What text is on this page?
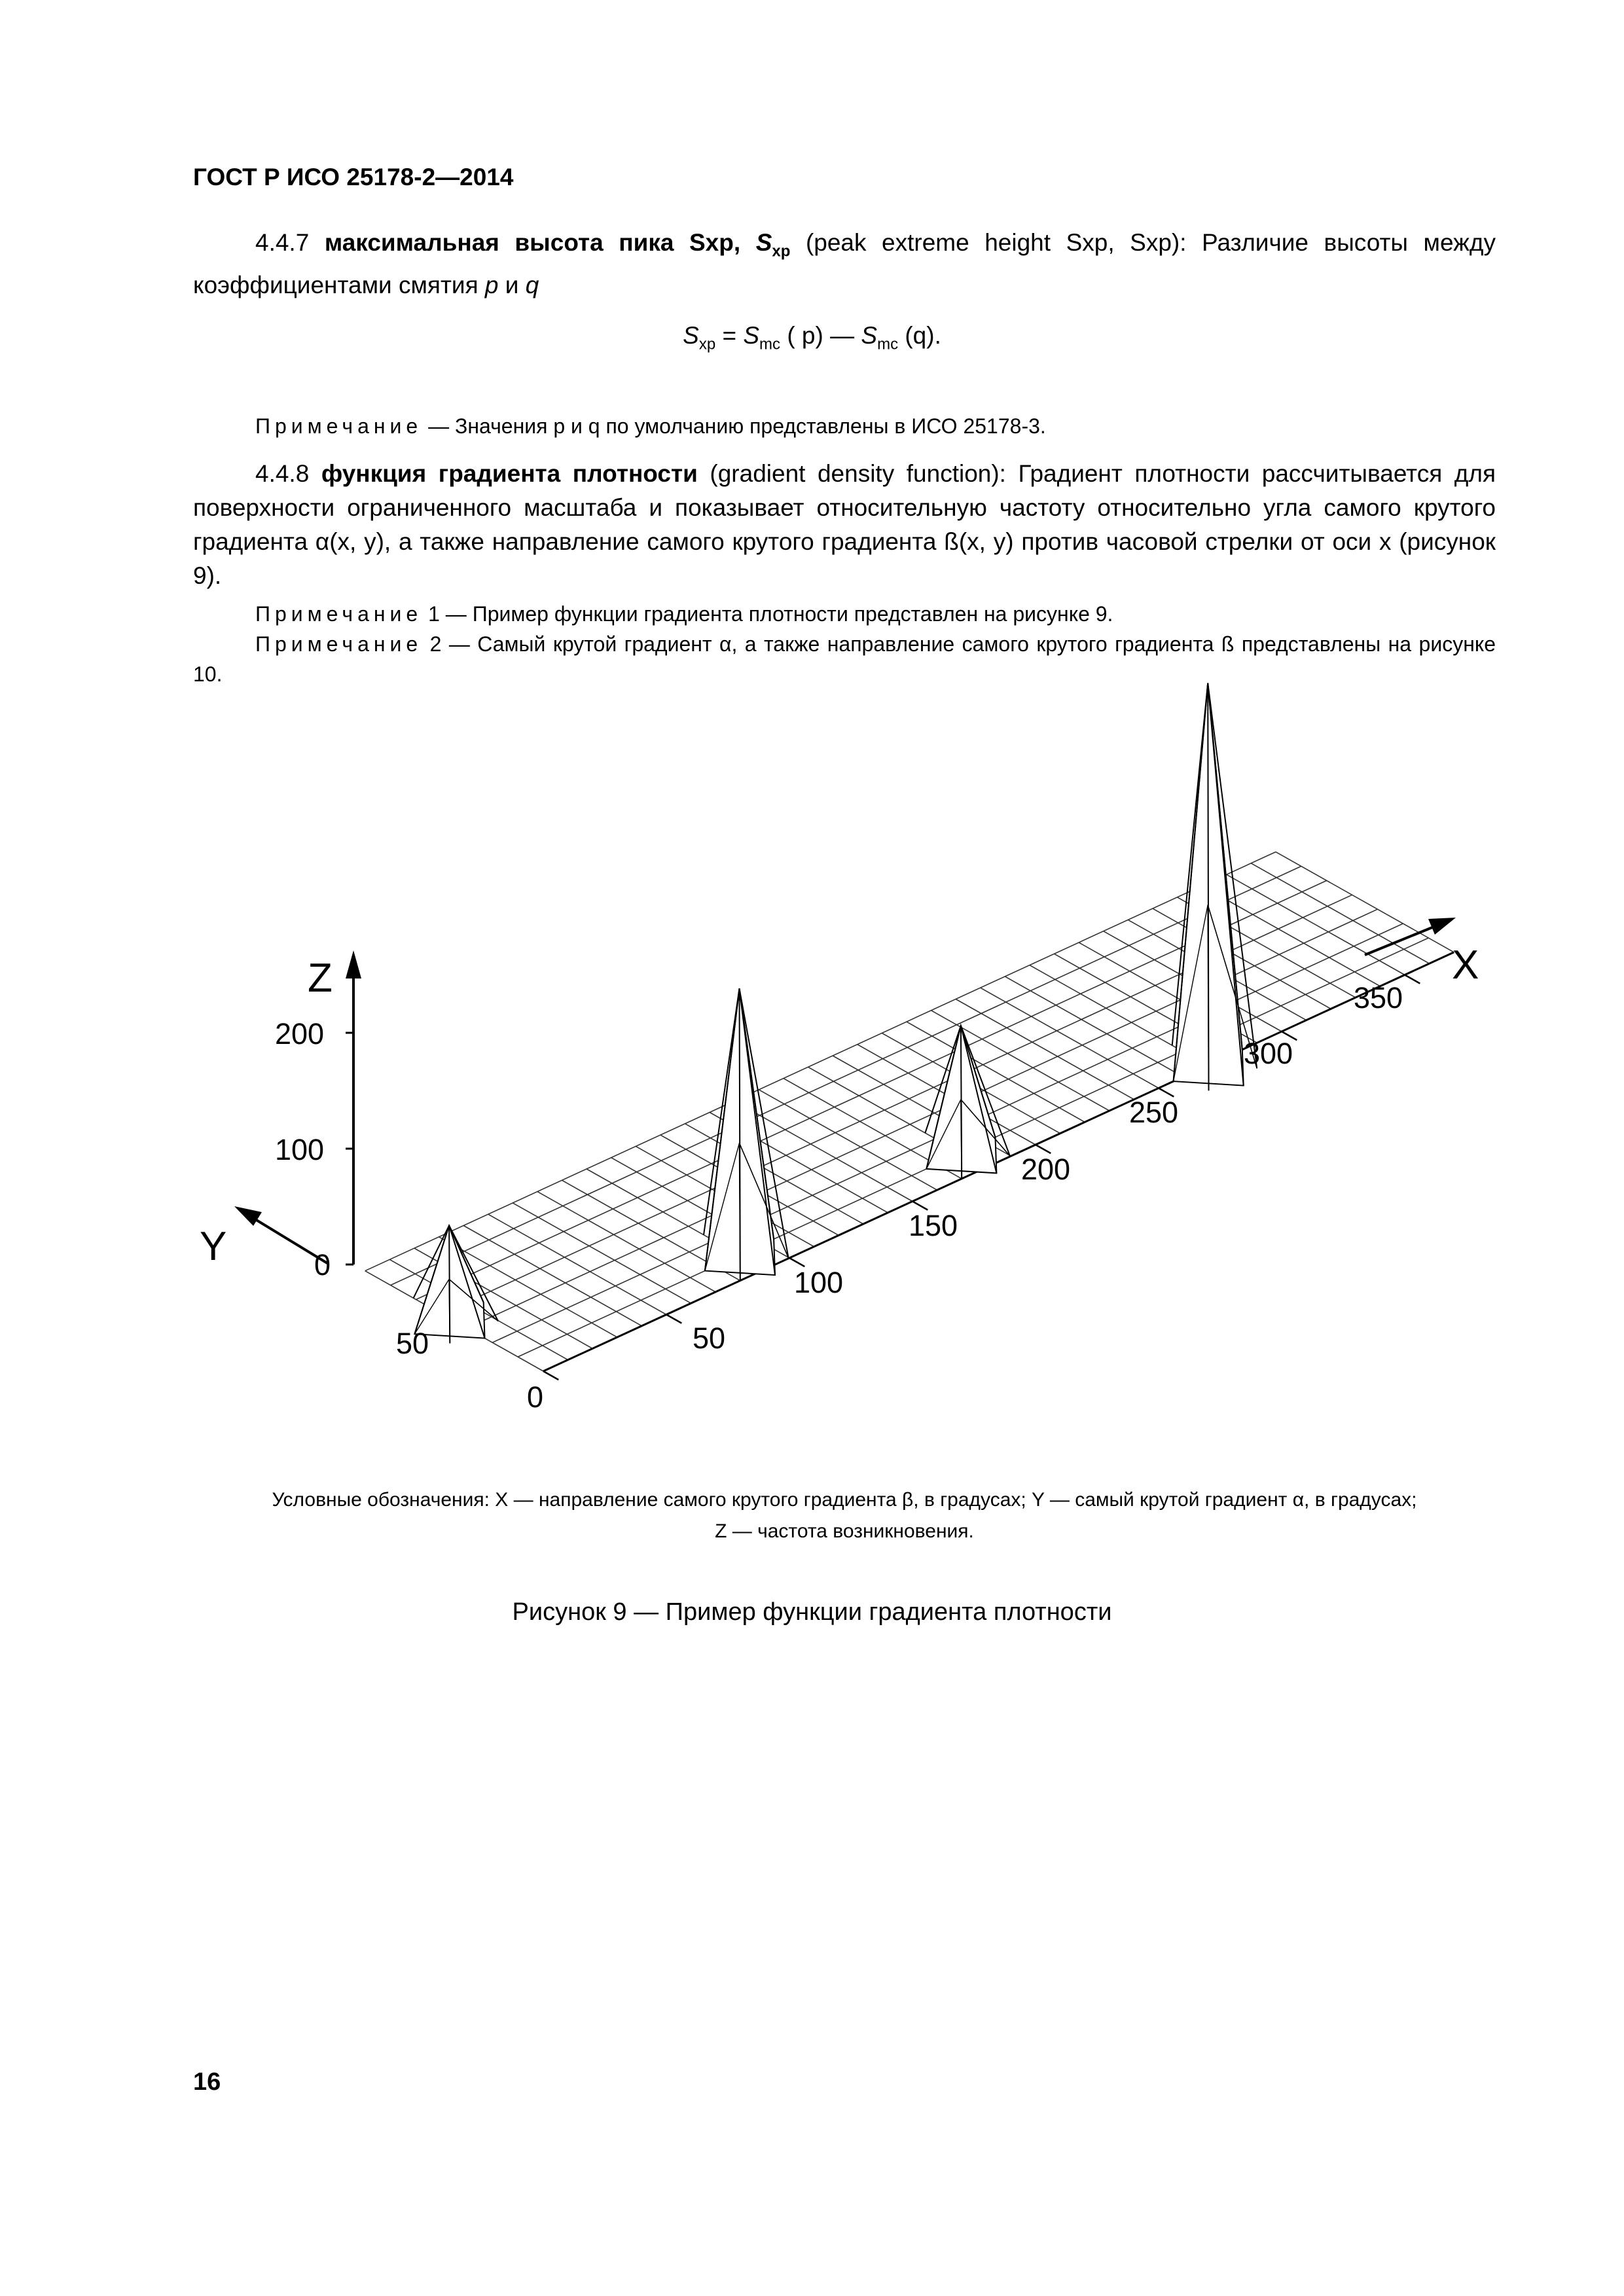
ГОСТ Р ИСО 25178-2—2014

4.4.7 максимальная высота пика Sxp, $S_{xp}$ (peak extreme height Sxp, Sxp): Различие высоты между коэффициентами смятия p и q

$S_{xp} = S_{mc}$ ( p) — $S_{mc}$ (q).

Примечание — Значения p и q по умолчанию представлены в ИСО 25178-3.

4.4.8 функция градиента плотности (gradient density function): Градиент плотности рассчитывается для поверхности ограниченного масштаба и показывает относительную частоту относительно угла самого крутого градиента α(x, y), а также направление самого крутого градиента ß(x, y) против часовой стрелки от оси x (рисунок 9).

Примечание 1 — Пример функции градиента плотности представлен на рисунке 9.

Примечание 2 — Самый крутой градиент α, а также направление самого крутого градиента ß представлены на рисунке 10.

Z	X
Y
200
100
0
0
50
100
150
200
250
300
350
50
Условные обозначения: X — направление самого крутого градиента β, в градусах; Y — самый крутой градиент α, в градусах;
Z — частота возникновения.
Рисунок 9 — Пример функции градиента плотности
16
